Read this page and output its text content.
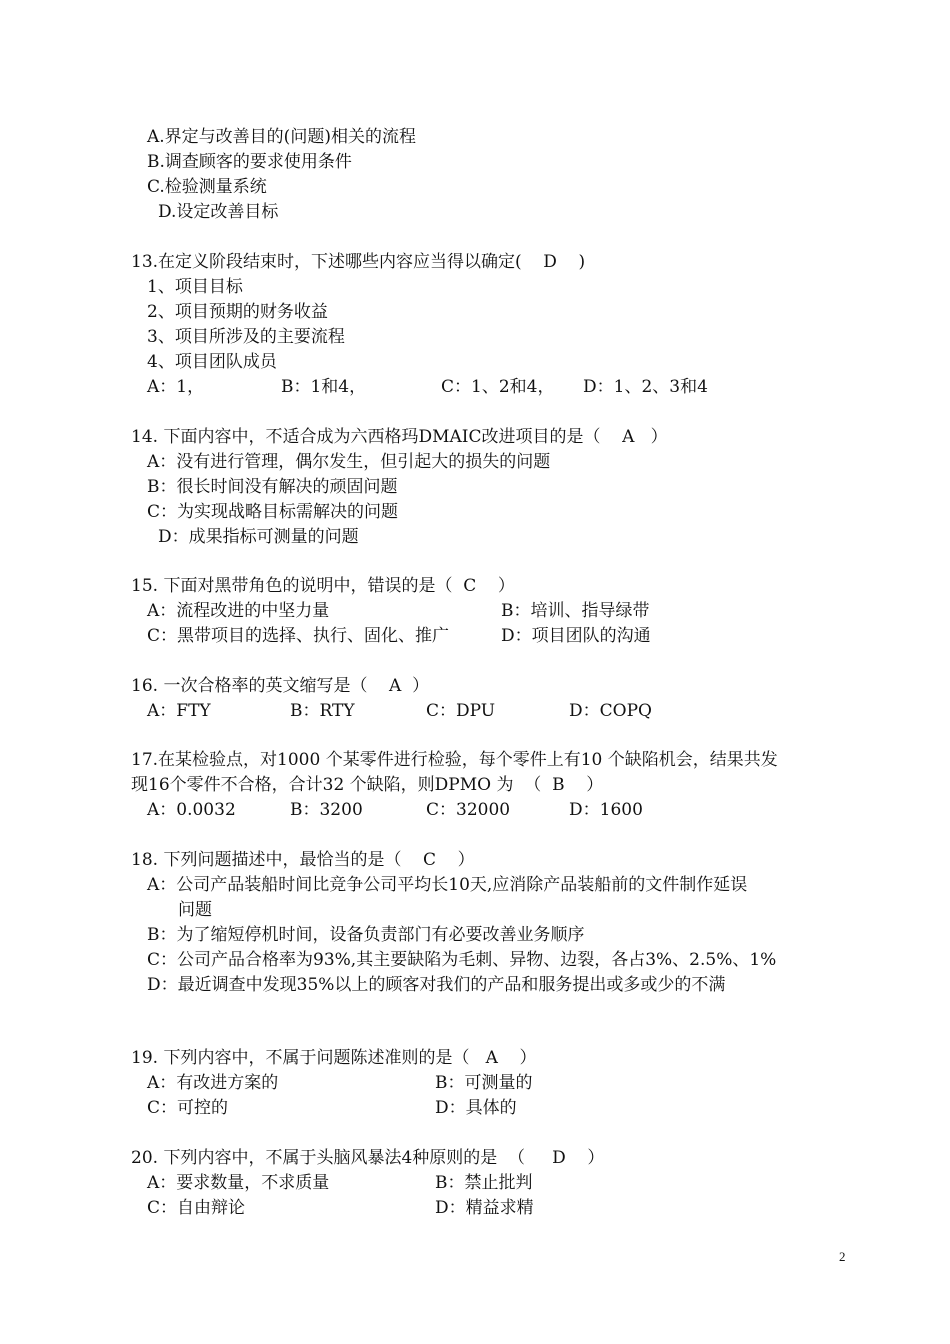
A.界定与改善目的(问题)相关的流程
B.调查顾客的要求使用条件
C.检验测量系统
D.设定改善目标
13.在定义阶段结束时，下述哪些内容应当得以确定(    D    )
1、项目目标
2、项目预期的财务收益
3、项目所涉及的主要流程
4、项目团队成员
A：1，	B：1和4，	C：1、2和4， D：1、2、3和4
14. 下面内容中，不适合成为六西格玛DMAIC改进项目的是（    A   ）
A：没有进行管理，偶尔发生，但引起大的损失的问题
B：很长时间没有解决的顽固问题
C：为实现战略目标需解决的问题
D：成果指标可测量的问题
15. 下面对黑带角色的说明中，错误的是（  C    ）
A：流程改进的中坚力量	B：培训、指导绿带
C：黑带项目的选择、执行、固化、推广	D：项目团队的沟通
16. 一次合格率的英文缩写是（    A  ）
A：FTY	B：RTY	C：DPU	D：COPQ
17.在某检验点，对1000 个某零件进行检验，每个零件上有10 个缺陷机会，结果共发
现16个零件不合格，合计32 个缺陷，则DPMO 为  （  B    ）
A：0.0032	B：3200	C：32000	D：1600
18. 下列问题描述中，最恰当的是（    C    ）
A：公司产品装船时间比竞争公司平均长10天,应消除产品装船前的文件制作延误
问题
B：为了缩短停机时间，设备负责部门有必要改善业务顺序
C：公司产品合格率为93%,其主要缺陷为毛刺、异物、边裂，各占3%、2.5%、1%
D：最近调查中发现35%以上的顾客对我们的产品和服务提出或多或少的不满
19. 下列内容中，不属于问题陈述准则的是（   A    ）
A：有改进方案的	B：可测量的
C：可控的	D：具体的
20. 下列内容中，不属于头脑风暴法4种原则的是  （     D    ）
A：要求数量，不求质量	B：禁止批判
C：自由辩论	D：精益求精
2
